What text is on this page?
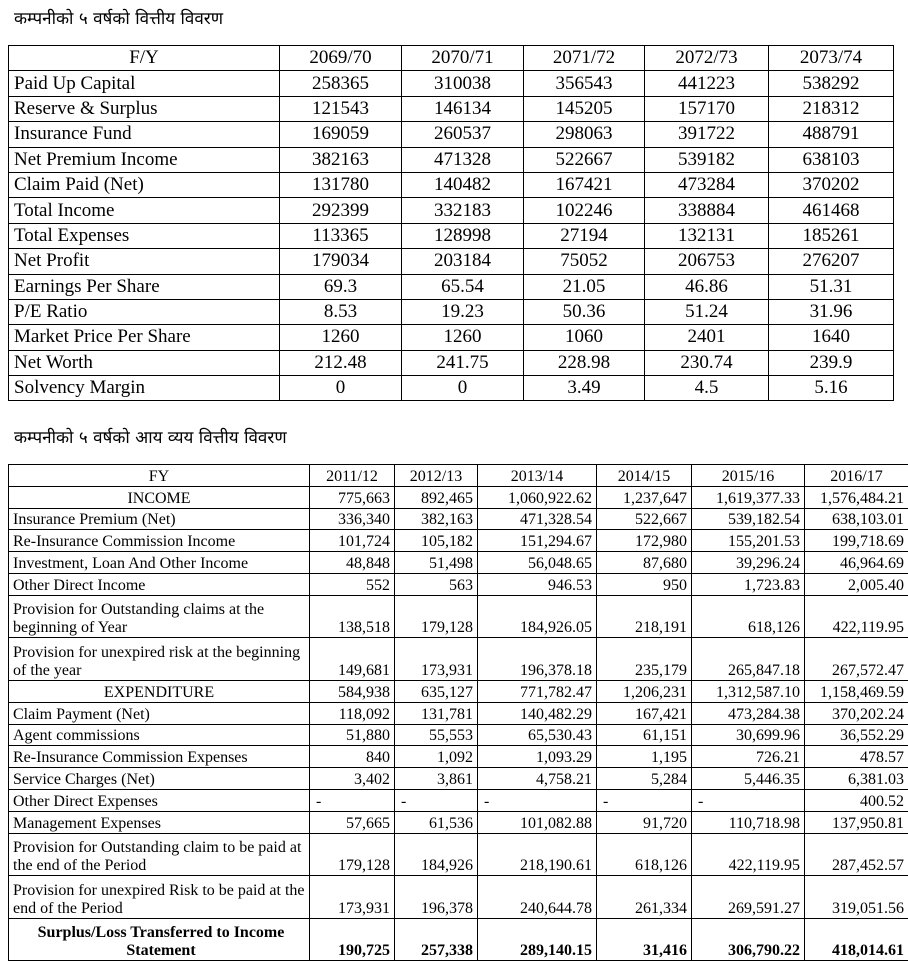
कम्पनीको ५ वर्षको वित्तीय विवरण
F/Y	2069/70	2070/71	2071/72	2072/73	2073/74
Paid Up Capital	258365	310038	356543	441223	538292
Reserve & Surplus	121543	146134	145205	157170	218312
Insurance Fund	169059	260537	298063	391722	488791
Net Premium Income	382163	471328	522667	539182	638103
Claim Paid (Net)	131780	140482	167421	473284	370202
Total Income	292399	332183	102246	338884	461468
Total Expenses	113365	128998	27194	132131	185261
Net Profit	179034	203184	75052	206753	276207
Earnings Per Share	69.3	65.54	21.05	46.86	51.31
P/E Ratio	8.53	19.23	50.36	51.24	31.96
Market Price Per Share	1260	1260	1060	2401	1640
Net Worth	212.48	241.75	228.98	230.74	239.9
Solvency Margin	0	0	3.49	4.5	5.16
कम्पनीको ५ वर्षको आय व्यय वित्तीय विवरण
FY	2011/12	2012/13	2013/14	2014/15	2015/16	2016/17
INCOME	775,663	892,465	1,060,922.62	1,237,647	1,619,377.33	1,576,484.21
Insurance Premium (Net)	336,340	382,163	471,328.54	522,667	539,182.54	638,103.01
Re-Insurance Commission Income	101,724	105,182	151,294.67	172,980	155,201.53	199,718.69
Investment, Loan And Other Income	48,848	51,498	56,048.65	87,680	39,296.24	46,964.69
Other Direct Income	552	563	946.53	950	1,723.83	2,005.40
Provision for Outstanding claims at the beginning of Year	138,518	179,128	184,926.05	218,191	618,126	422,119.95
Provision for unexpired risk at the beginning of the year	149,681	173,931	196,378.18	235,179	265,847.18	267,572.47
EXPENDITURE	584,938	635,127	771,782.47	1,206,231	1,312,587.10	1,158,469.59
Claim Payment (Net)	118,092	131,781	140,482.29	167,421	473,284.38	370,202.24
Agent commissions	51,880	55,553	65,530.43	61,151	30,699.96	36,552.29
Re-Insurance Commission Expenses	840	1,092	1,093.29	1,195	726.21	478.57
Service Charges (Net)	3,402	3,861	4,758.21	5,284	5,446.35	6,381.03
Other Direct Expenses	-	-	-	-	-	400.52
Management Expenses	57,665	61,536	101,082.88	91,720	110,718.98	137,950.81
Provision for Outstanding claim to be paid at the end of the Period	179,128	184,926	218,190.61	618,126	422,119.95	287,452.57
Provision for unexpired Risk to be paid at the end of the Period	173,931	196,378	240,644.78	261,334	269,591.27	319,051.56
Surplus/Loss Transferred to Income Statement	190,725	257,338	289,140.15	31,416	306,790.22	418,014.61
